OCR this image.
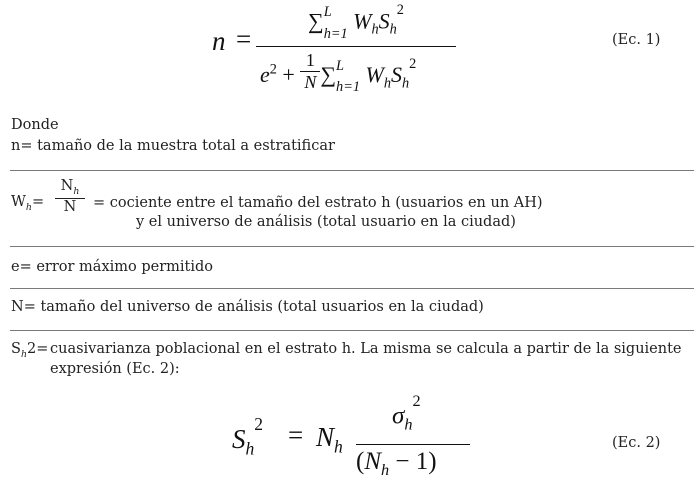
n =
$\sum_{h=1}$
L $W_hS_h^2$
$e^2 + \frac{1}{N} \sum_{h=1}$
L $W_hS_h^2$
(Ec. 1)
Donde
n= tamaño de la muestra total a estratificar
$W_h=$
$N_h$
N	= cociente entre el tamaño del estrato h (usuarios en un AH)
y el universo de análisis (total usuario en la ciudad)
e= error máximo permitido
N= tamaño del universo de análisis (total usuarios en la ciudad)
$S_h2=$ cuasivarianza poblacional en el estrato h. La misma se calcula a partir de la siguiente
expresión (Ec. 2):
$S_h^2 = N_h$
$\sigma_h^2$
$(N_h - 1)$
(Ec. 2)
